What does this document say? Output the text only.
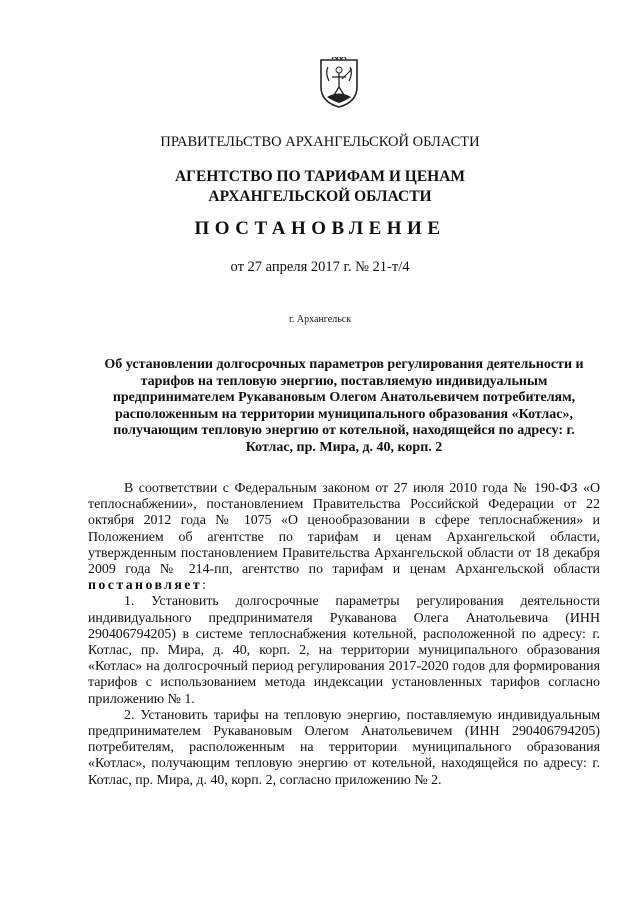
ПРАВИТЕЛЬСТВО АРХАНГЕЛЬСКОЙ ОБЛАСТИ
АГЕНТСТВО ПО ТАРИФАМ И ЦЕНАМ
АРХАНГЕЛЬСКОЙ ОБЛАСТИ
ПОСТАНОВЛЕНИЕ
от 27 апреля 2017 г. № 21-т/4
г. Архангельск
Об установлении долгосрочных параметров регулирования деятельности и тарифов на тепловую энергию, поставляемую индивидуальным предпринимателем Рукавановым Олегом Анатольевичем потребителям, расположенным на территории муниципального образования «Котлас», получающим тепловую энергию от котельной, находящейся по адресу: г. Котлас, пр. Мира, д. 40, корп. 2

В соответствии с Федеральным законом от 27 июля 2010 года № 190-ФЗ «О теплоснабжении», постановлением Правительства Российской Федерации от 22 октября 2012 года № 1075 «О ценообразовании в сфере теплоснабжения» и Положением об агентстве по тарифам и ценам Архангельской области, утвержденным постановлением Правительства Архангельской области от 18 декабря 2009 года № 214-пп, агентство по тарифам и ценам Архангельской области постановляет:

1. Установить долгосрочные параметры регулирования деятельности индивидуального предпринимателя Рукаванова Олега Анатольевича (ИНН 290406794205) в системе теплоснабжения котельной, расположенной по адресу: г. Котлас, пр. Мира, д. 40, корп. 2, на территории муниципального образования «Котлас» на долгосрочный период регулирования 2017-2020 годов для формирования тарифов с использованием метода индексации установленных тарифов согласно приложению № 1.

2. Установить тарифы на тепловую энергию, поставляемую индивидуальным предпринимателем Рукавановым Олегом Анатольевичем (ИНН 290406794205) потребителям, расположенным на территории муниципального образования «Котлас», получающим тепловую энергию от котельной, находящейся по адресу: г. Котлас, пр. Мира, д. 40, корп. 2, согласно приложению № 2.
